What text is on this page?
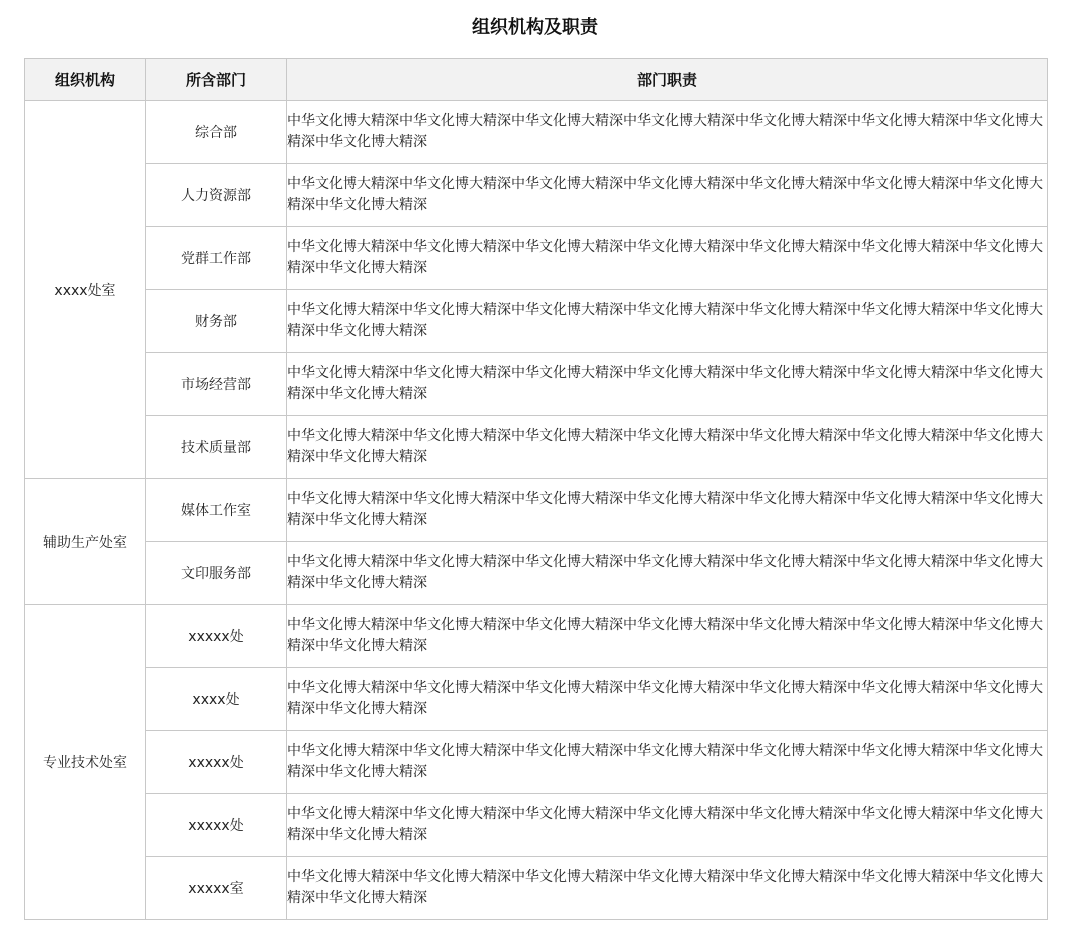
组织机构及职责
组织机构	所含部门	部门职责
xxxx处室	综合部	中华文化博大精深中华文化博大精深中华文化博大精深中华文化博大精深中华文化博大精深中华文化博大精深中华文化博大精深中华文化博大精深
	人力资源部	中华文化博大精深中华文化博大精深中华文化博大精深中华文化博大精深中华文化博大精深中华文化博大精深中华文化博大精深中华文化博大精深
	党群工作部	中华文化博大精深中华文化博大精深中华文化博大精深中华文化博大精深中华文化博大精深中华文化博大精深中华文化博大精深中华文化博大精深
	财务部	中华文化博大精深中华文化博大精深中华文化博大精深中华文化博大精深中华文化博大精深中华文化博大精深中华文化博大精深中华文化博大精深
	市场经营部	中华文化博大精深中华文化博大精深中华文化博大精深中华文化博大精深中华文化博大精深中华文化博大精深中华文化博大精深中华文化博大精深
	技术质量部	中华文化博大精深中华文化博大精深中华文化博大精深中华文化博大精深中华文化博大精深中华文化博大精深中华文化博大精深中华文化博大精深
辅助生产处室	媒体工作室	中华文化博大精深中华文化博大精深中华文化博大精深中华文化博大精深中华文化博大精深中华文化博大精深中华文化博大精深中华文化博大精深
	文印服务部	中华文化博大精深中华文化博大精深中华文化博大精深中华文化博大精深中华文化博大精深中华文化博大精深中华文化博大精深中华文化博大精深
专业技术处室	xxxxx处	中华文化博大精深中华文化博大精深中华文化博大精深中华文化博大精深中华文化博大精深中华文化博大精深中华文化博大精深中华文化博大精深
	xxxx处	中华文化博大精深中华文化博大精深中华文化博大精深中华文化博大精深中华文化博大精深中华文化博大精深中华文化博大精深中华文化博大精深
	xxxxx处	中华文化博大精深中华文化博大精深中华文化博大精深中华文化博大精深中华文化博大精深中华文化博大精深中华文化博大精深中华文化博大精深
	xxxxx处	中华文化博大精深中华文化博大精深中华文化博大精深中华文化博大精深中华文化博大精深中华文化博大精深中华文化博大精深中华文化博大精深
	xxxxx室	中华文化博大精深中华文化博大精深中华文化博大精深中华文化博大精深中华文化博大精深中华文化博大精深中华文化博大精深中华文化博大精深
